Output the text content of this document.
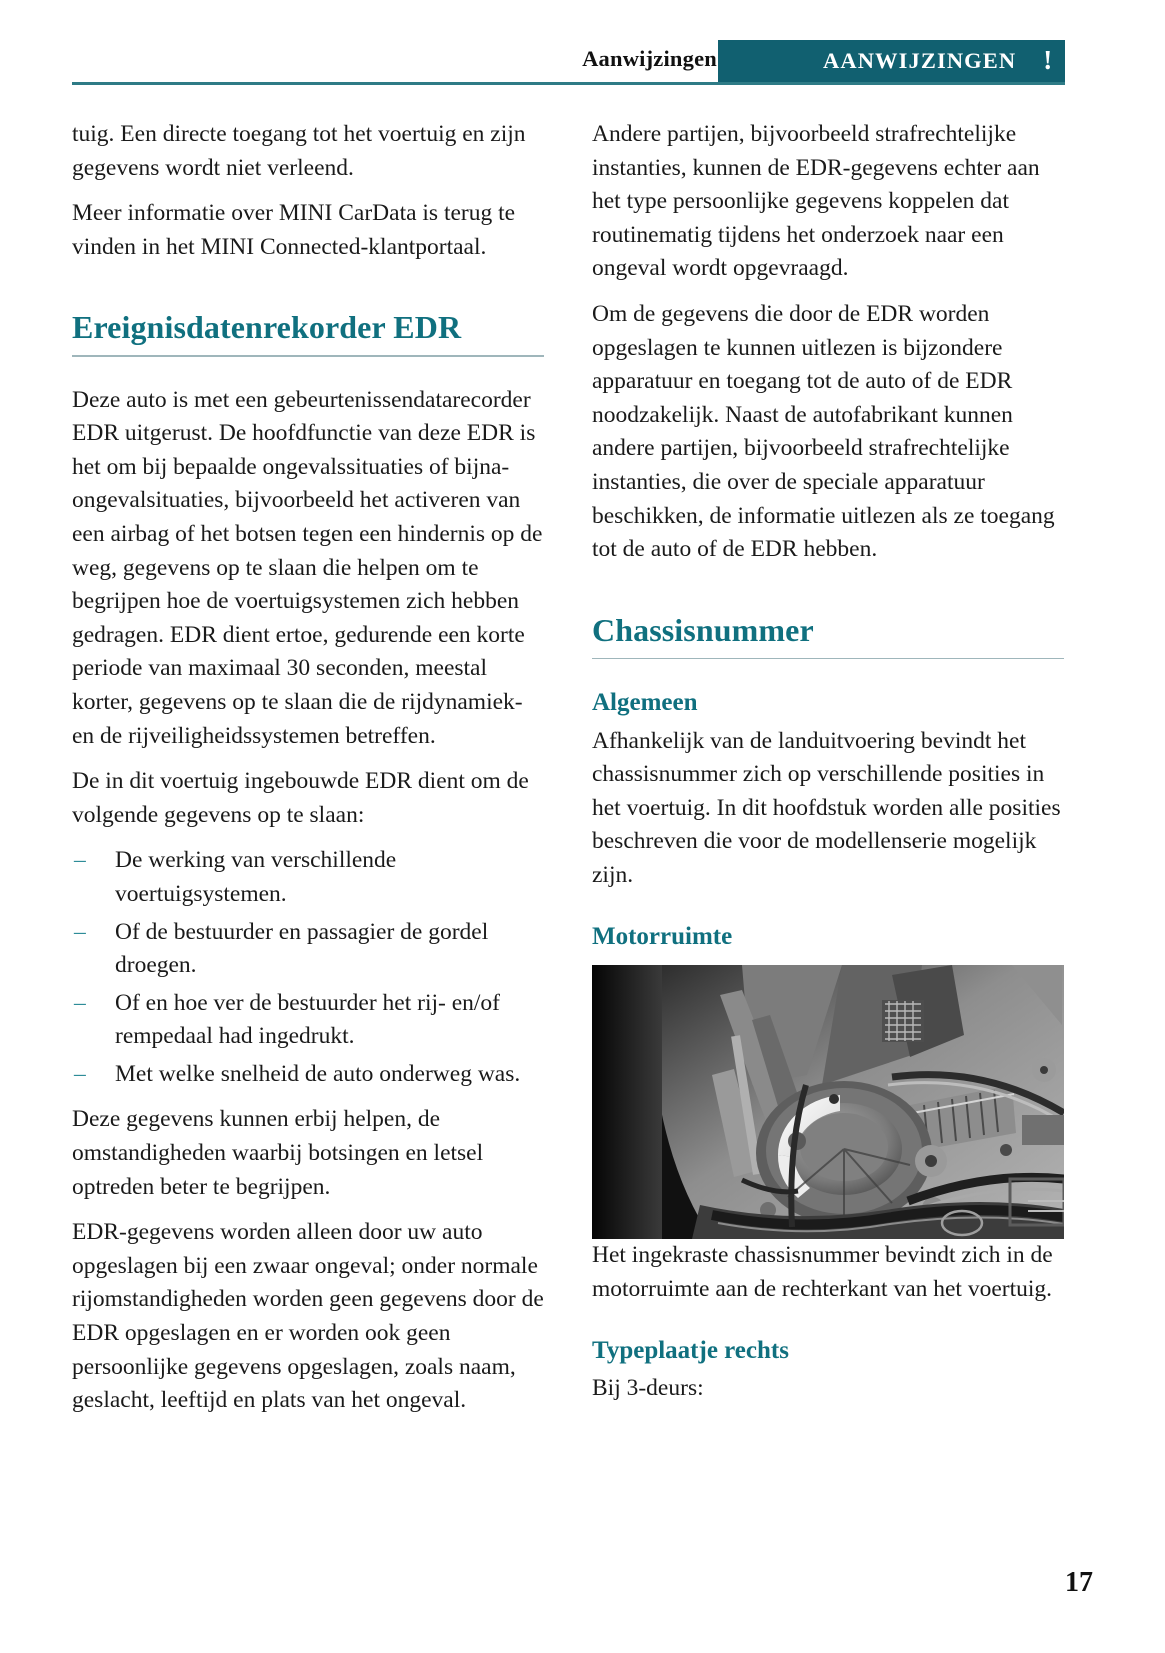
Aanwijzingen	AANWIJZINGEN !

tuig. Een directe toegang tot het voertuig en zijn gegevens wordt niet verleend.

Meer informatie over MINI CarData is terug te vinden in het MINI Connected-klantportaal.

Ereignisdatenrekorder EDR

Deze auto is met een gebeurtenissendatarecorder EDR uitgerust. De hoofdfunctie van deze EDR is het om bij bepaalde ongevalssituaties of bijna-ongevalsituaties, bijvoorbeeld het activeren van een airbag of het botsen tegen een hindernis op de weg, gegevens op te slaan die helpen om te begrijpen hoe de voertuigsystemen zich hebben gedragen. EDR dient ertoe, gedurende een korte periode van maximaal 30 seconden, meestal korter, gegevens op te slaan die de rijdynamiek- en de rijveiligheidssystemen betreffen.

De in dit voertuig ingebouwde EDR dient om de volgende gegevens op te slaan:

– De werking van verschillende voertuigsystemen.
– Of de bestuurder en passagier de gordel droegen.
– Of en hoe ver de bestuurder het rij- en/of rempedaal had ingedrukt.
– Met welke snelheid de auto onderweg was.

Deze gegevens kunnen erbij helpen, de omstandigheden waarbij botsingen en letsel optreden beter te begrijpen.

EDR-gegevens worden alleen door uw auto opgeslagen bij een zwaar ongeval; onder normale rijomstandigheden worden geen gegevens door de EDR opgeslagen en er worden ook geen persoonlijke gegevens opgeslagen, zoals naam, geslacht, leeftijd en plats van het ongeval.

Andere partijen, bijvoorbeeld strafrechtelijke instanties, kunnen de EDR-gegevens echter aan het type persoonlijke gegevens koppelen dat routinematig tijdens het onderzoek naar een ongeval wordt opgevraagd.

Om de gegevens die door de EDR worden opgeslagen te kunnen uitlezen is bijzondere apparatuur en toegang tot de auto of de EDR noodzakelijk. Naast de autofabrikant kunnen andere partijen, bijvoorbeeld strafrechtelijke instanties, die over de speciale apparatuur beschikken, de informatie uitlezen als ze toegang tot de auto of de EDR hebben.

Chassisnummer
Algemeen

Afhankelijk van de landuitvoering bevindt het chassisnummer zich op verschillende posities in het voertuig. In dit hoofdstuk worden alle posities beschreven die voor de modellenserie mogelijk zijn.

Motorruimte

Het ingekraste chassisnummer bevindt zich in de motorruimte aan de rechterkant van het voertuig.

Typeplaatje rechts

Bij 3-deurs:

17
